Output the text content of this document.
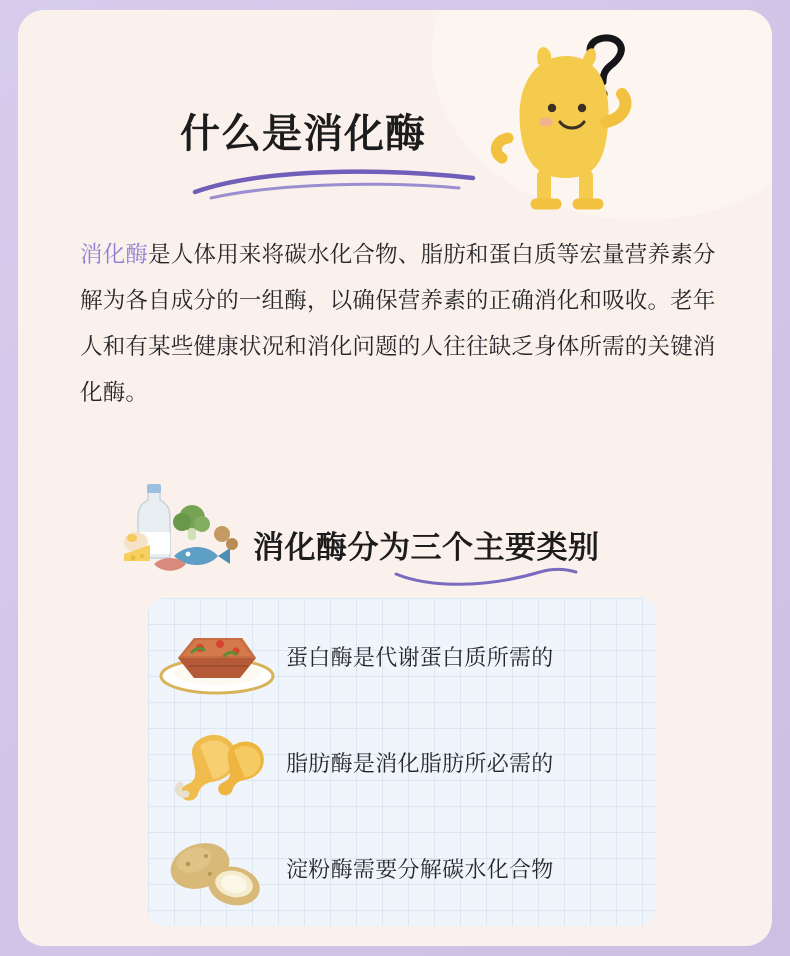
什么是消化酶
消化酶是人体用来将碳水化合物、脂肪和蛋白质等宏量营养素分解为各自成分的一组酶，以确保营养素的正确消化和吸收。老年人和有某些健康状况和消化问题的人往往缺乏身体所需的关键消化酶。
消化酶分为三个主要类别
蛋白酶是代谢蛋白质所需的
脂肪酶是消化脂肪所必需的
淀粉酶需要分解碳水化合物
